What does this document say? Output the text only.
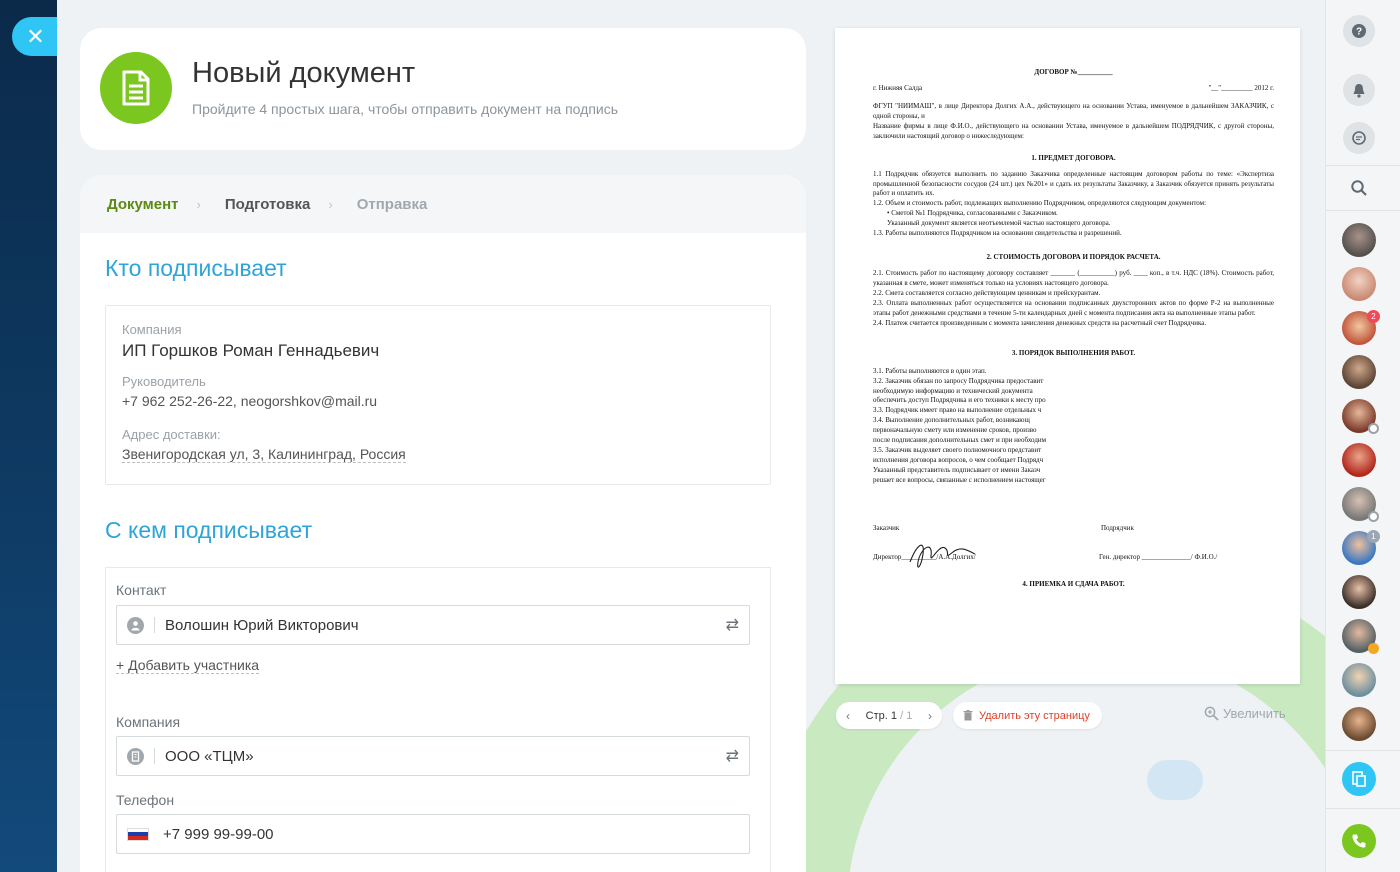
✕
Новый документ
Пройдите 4 простых шага, чтобы отправить документ на подпись
Документ › Подготовка › Отправка
Кто подписывает
Компания
ИП Горшков Роман Геннадьевич
Руководитель
+7 962 252-26-22, neogorshkov@mail.ru
Адрес доставки:
Звенигородская ул, 3, Калининград, Россия
С кем подписывает
Контакт
Волошин Юрий Викторович	⇄
+ Добавить участника
Компания
ООО «ТЦМ»	⇄
Телефон
+7 999 99-99-00
ДОГОВОР №__________
г. Нижняя Салда	"__"_________ 2012 г.

ФГУП "НИИМАШ", в лице Директора Долгих А.А., действующего на основании Устава, именуемое в дальнейшем ЗАКАЗЧИК, с одной стороны, и

Название фирмы в лице Ф.И.О., действующего на основании Устава, именуемое в дальнейшем ПОДРЯДЧИК, с другой стороны, заключили настоящий договор о нижеследующем:

1. ПРЕДМЕТ ДОГОВОРА.

1.1 Подрядчик обязуется выполнить по заданию Заказчика определенные настоящим договором работы по теме: «Экспертиза промышленной безопасности сосудов (24 шт.) цех №201» и сдать их результаты Заказчику, а Заказчик обязуется принять результаты работ и оплатить их.

1.2. Объем и стоимость работ, подлежащих выполнению Подрядчиком, определяются следующим документом:

• Сметой №1 Подрядчика, согласованными с Заказчиком.

Указанный документ является неотъемлемой частью настоящего договора.

1.3. Работы выполняются Подрядчиком на основании свидетельства и разрешений.

2. СТОИМОСТЬ ДОГОВОРА И ПОРЯДОК РАСЧЕТА.

2.1. Стоимость работ по настоящему договору составляет _______ (__________) руб. ____ коп., в т.ч. НДС (18%). Стоимость работ, указанная в смете, может изменяться только на условиях настоящего договора.

2.2. Смета составляется согласно действующим ценникам и прейскурантам.

2.3. Оплата выполненных работ осуществляется на основании подписанных двухсторонних актов по форме Р-2 на выполненные этапы работ денежными средствами в течение 5-ти календарных дней с момента подписания акта на выполненные этапы работ.

2.4. Платеж считается произведенным с момента зачисления денежных средств на расчетный счет Подрядчика.

3. ПОРЯДОК ВЫПОЛНЕНИЯ РАБОТ.
3.1. Работы выполняются в один этап.
3.2. Заказчик обязан по запросу Подрядчика предоставит
необходимую информацию и технический документа
обеспечить доступ Подрядчика и его техники к месту про
3.3. Подрядчик имеет право на выполнение отдельных ч
3.4. Выполнение дополнительных работ, возникающ
первоначальную смету или изменение сроков, произво
после подписания дополнительных смет и при необходим
3.5. Заказчик выделяет своего полномочного представит
исполнения договора вопросов, о чем сообщает Подрядч
Указанный представитель подписывает от имени Заказч
решает все вопросы, связанные с исполнением настоящег
Заказчик	Подрядчик
Директор__________/А.А.Долгих/	Ген. директор ______________/ Ф.И.О./
4. ПРИЕМКА И СДАЧА РАБОТ.
‹ Стр. 1 / 1 ›	Удалить эту страницу	Увеличить
?
2
1
